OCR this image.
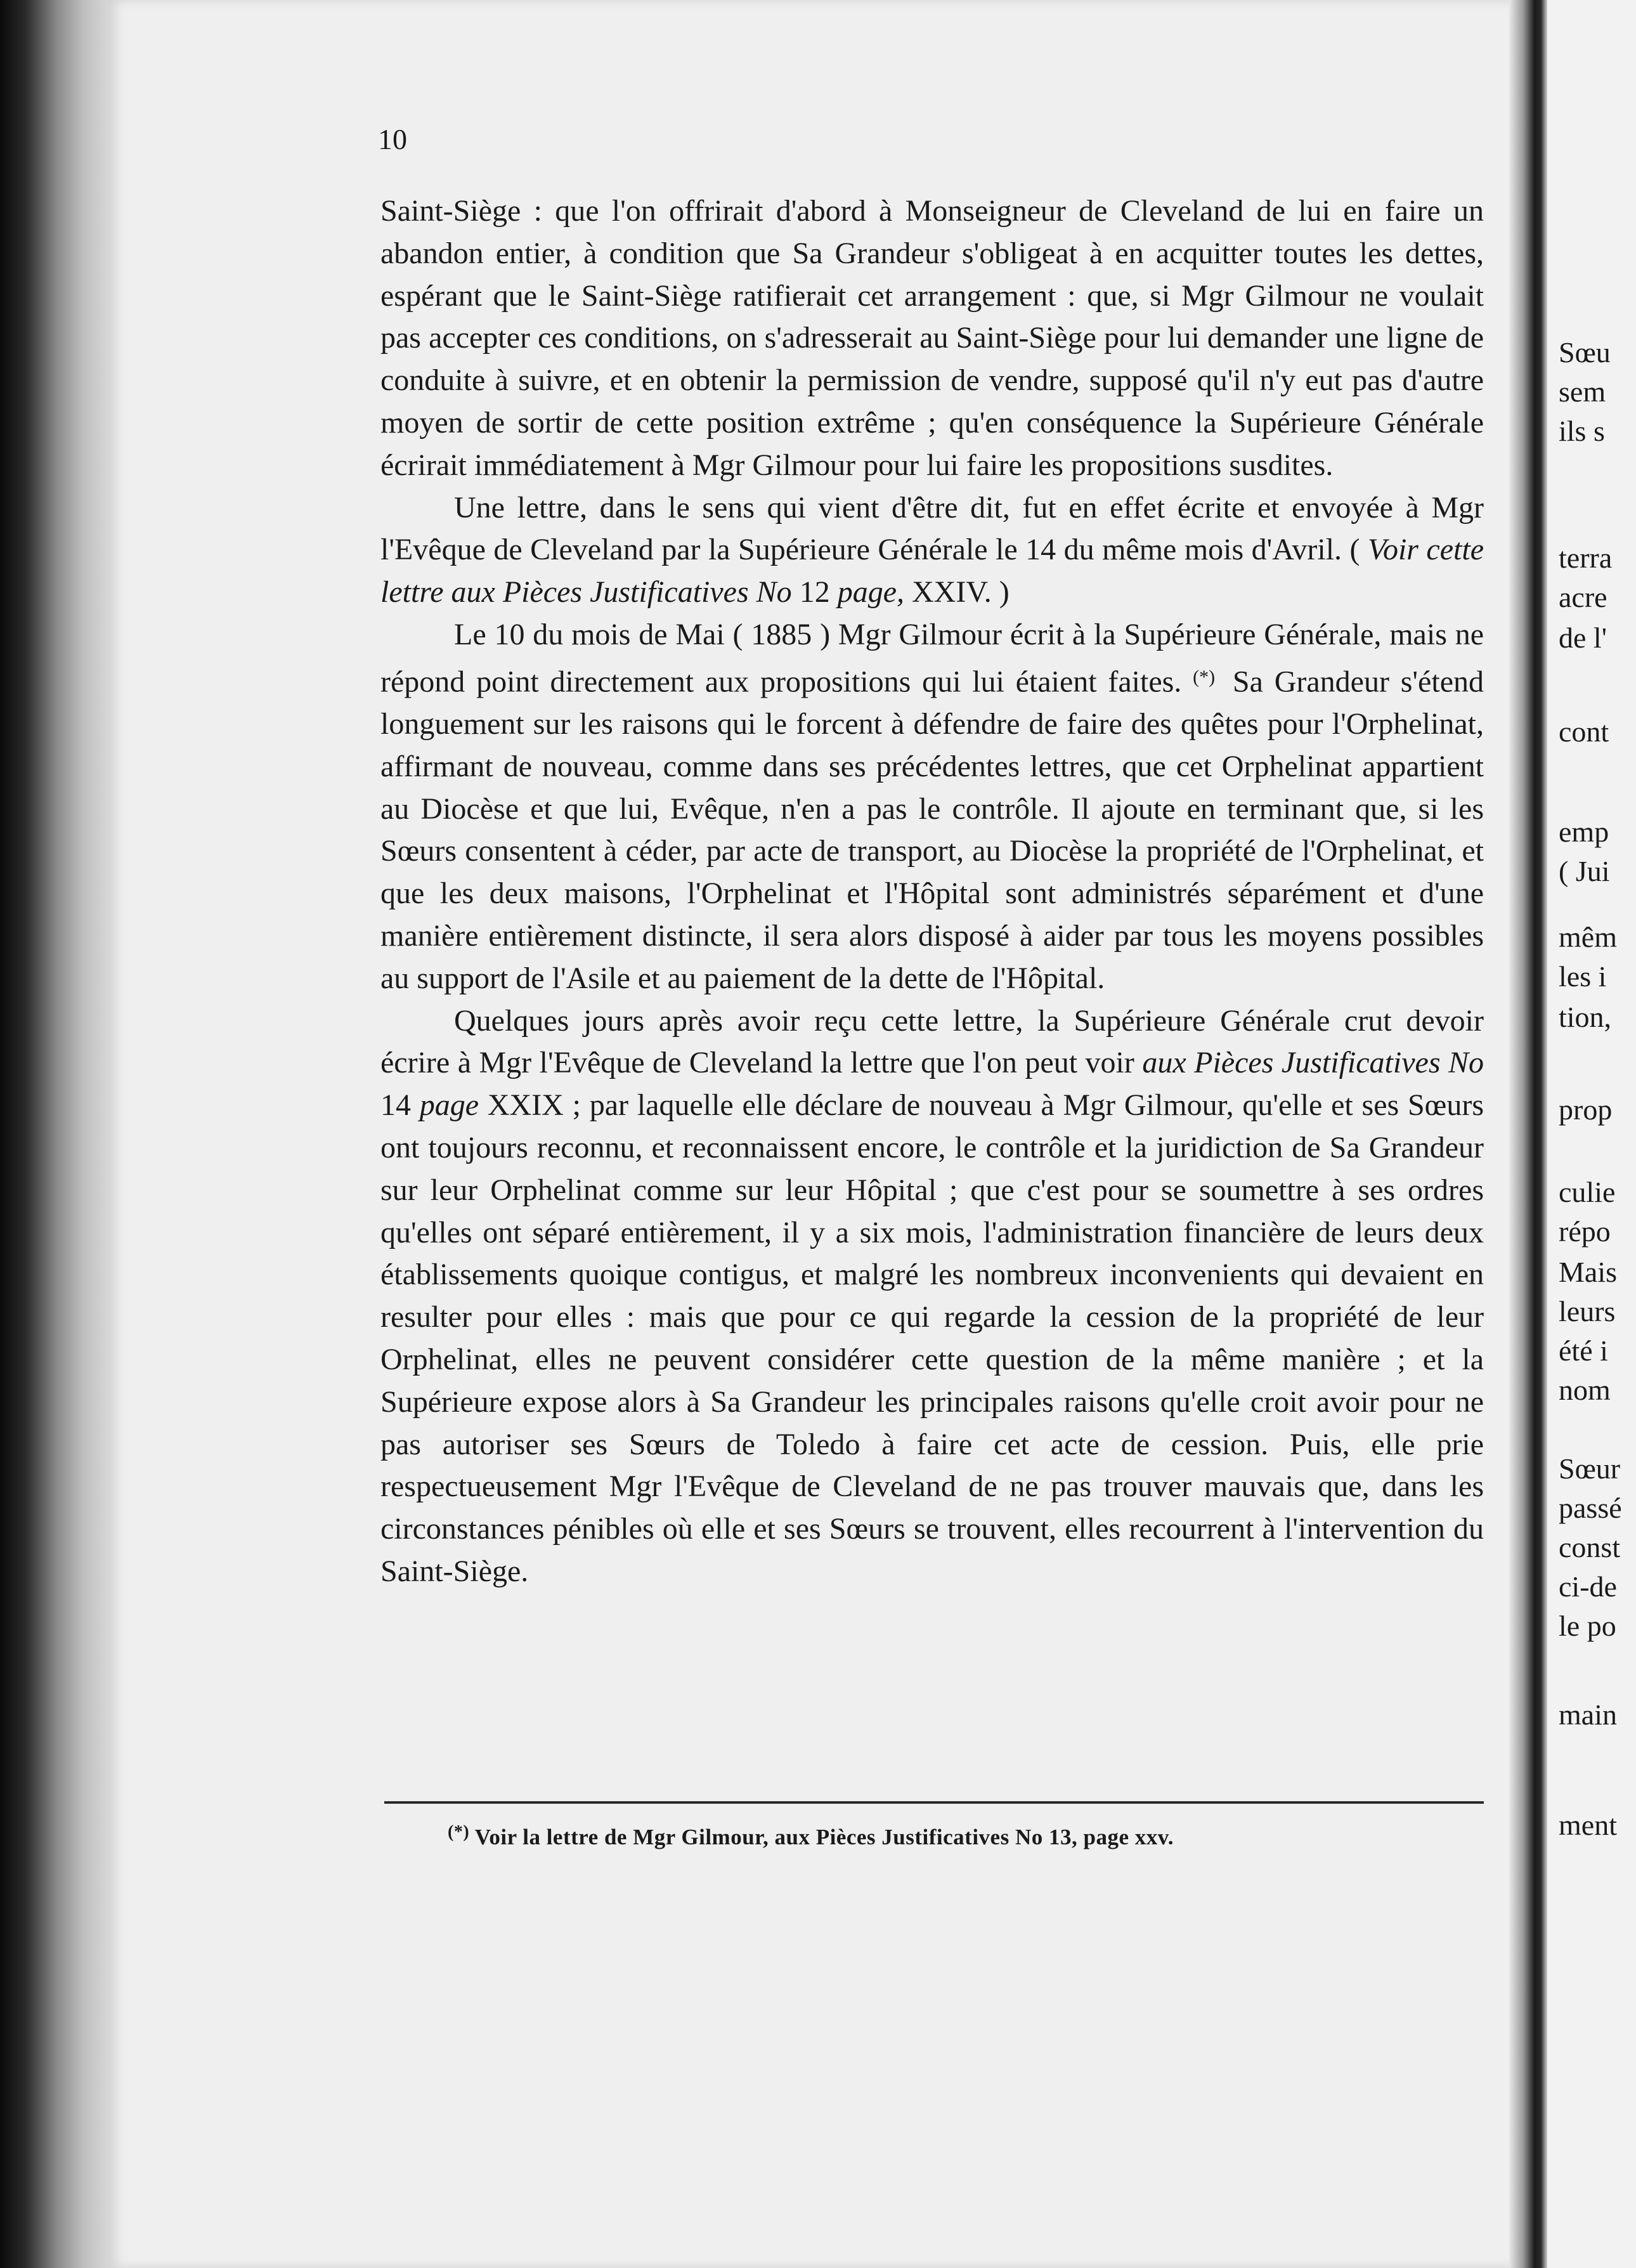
Sœu
sem
ils s
terra
acre
de l'
cont
emp
( Jui
mêm
les i
tion,
prop
culie
répo
Mais
leurs
été i
nom
Sœur
passé
const
ci-de
le po
main
ment
10

Saint-Siège : que l'on offrirait d'abord à Monseigneur de Cleveland de lui en faire un abandon entier, à condition que Sa Grandeur s'obligeat à en acquitter toutes les dettes, espérant que le Saint-Siège ratifierait cet arrangement : que, si Mgr Gilmour ne voulait pas accepter ces conditions, on s'adresserait au Saint-Siège pour lui demander une ligne de conduite à suivre, et en obtenir la permission de vendre, supposé qu'il n'y eut pas d'autre moyen de sortir de cette position extrême ; qu'en conséquence la Supérieure Générale écrirait immédiatement à Mgr Gilmour pour lui faire les propositions susdites.

Une lettre, dans le sens qui vient d'être dit, fut en effet écrite et envoyée à Mgr l'Evêque de Cleveland par la Supérieure Générale le 14 du même mois d'Avril. ( Voir cette lettre aux Pièces Justificatives No 12 page, XXIV. )

Le 10 du mois de Mai ( 1885 ) Mgr Gilmour écrit à la Supérieure Générale, mais ne répond point directement aux propositions qui lui étaient faites. (*) Sa Grandeur s'étend longuement sur les raisons qui le forcent à défendre de faire des quêtes pour l'Orphelinat, affirmant de nouveau, comme dans ses précédentes lettres, que cet Orphelinat appartient au Diocèse et que lui, Evêque, n'en a pas le contrôle. Il ajoute en terminant que, si les Sœurs consentent à céder, par acte de transport, au Diocèse la propriété de l'Orphelinat, et que les deux maisons, l'Orphelinat et l'Hôpital sont administrés séparément et d'une manière entièrement distincte, il sera alors disposé à aider par tous les moyens possibles au support de l'Asile et au paiement de la dette de l'Hôpital.

Quelques jours après avoir reçu cette lettre, la Supérieure Générale crut devoir écrire à Mgr l'Evêque de Cleveland la lettre que l'on peut voir aux Pièces Justificatives No 14 page XXIX ; par laquelle elle déclare de nouveau à Mgr Gilmour, qu'elle et ses Sœurs ont toujours reconnu, et reconnaissent encore, le contrôle et la juridiction de Sa Grandeur sur leur Orphelinat comme sur leur Hôpital ; que c'est pour se soumettre à ses ordres qu'elles ont séparé entièrement, il y a six mois, l'administration financière de leurs deux établissements quoique contigus, et malgré les nombreux inconvenients qui devaient en resulter pour elles : mais que pour ce qui regarde la cession de la propriété de leur Orphelinat, elles ne peuvent considérer cette question de la même manière ; et la Supérieure expose alors à Sa Grandeur les principales raisons qu'elle croit avoir pour ne pas autoriser ses Sœurs de Toledo à faire cet acte de cession. Puis, elle prie respectueusement Mgr l'Evêque de Cleveland de ne pas trouver mauvais que, dans les circonstances pénibles où elle et ses Sœurs se trouvent, elles recourrent à l'intervention du Saint-Siège.

(*) Voir la lettre de Mgr Gilmour, aux Pièces Justificatives No 13, page xxv.
